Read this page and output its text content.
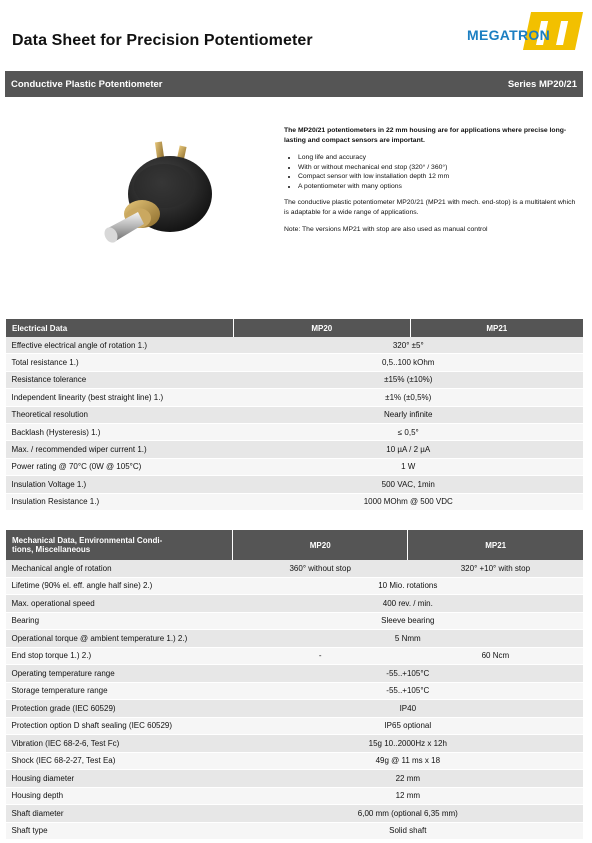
Data Sheet for Precision Potentiometer	MEGATRON
Conductive Plastic Potentiometer	Series MP20/21

The MP20/21 potentiometers in 22 mm housing are for applications where precise long-lasting and compact sensors are important.

• Long life and accuracy
• With or without mechanical end stop (320° / 360°)
• Compact sensor with low installation depth 12 mm
• A potentiometer with many options

The conductive plastic potentiometer MP20/21 (MP21 with mech. end-stop) is a multitalent which is adaptable for a wide range of applications.

Note: The versions MP21 with stop are also used as manual control

Electrical Data	MP20	MP21
Effective electrical angle of rotation 1.)	320° ±5°	
Total resistance 1.)	0,5..100 kOhm	
Resistance tolerance	±15% (±10%)	
Independent linearity (best straight line) 1.)	±1% (±0,5%)	
Theoretical resolution	Nearly infinite	
Backlash (Hysteresis) 1.)	≤ 0,5°	
Max. / recommended wiper current 1.)	10 µA / 2 µA	
Power rating @ 70°C (0W @ 105°C)	1 W	
Insulation Voltage 1.)	500 VAC, 1min	
Insulation Resistance 1.)	1000 MOhm @ 500 VDC	
Mechanical Data, Environmental Condi-
tions, Miscellaneous	MP20	MP21
Mechanical angle of rotation	360° without stop	320° +10° with stop
Lifetime (90% el. eff. angle half sine) 2.)	10 Mio. rotations	
Max. operational speed	400 rev. / min.	
Bearing	Sleeve bearing	
Operational torque @ ambient temperature 1.) 2.)	5 Nmm	
End stop torque 1.) 2.)	-	60 Ncm
Operating temperature range	-55..+105°C	
Storage temperature range	-55..+105°C	
Protection grade (IEC 60529)	IP40	
Protection option D shaft sealing (IEC 60529)	IP65 optional	
Vibration (IEC 68-2-6, Test Fc)	15g 10..2000Hz x 12h	
Shock (IEC 68-2-27, Test Ea)	49g @ 11 ms x 18	
Housing diameter	22 mm	
Housing depth	12 mm	
Shaft diameter	6,00 mm (optional 6,35 mm)	
Shaft type	Solid shaft	
